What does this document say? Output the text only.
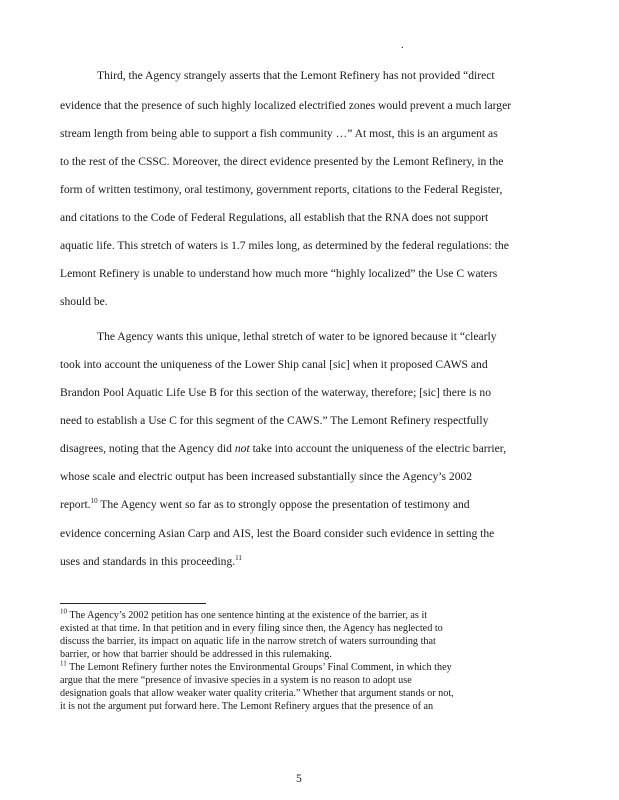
.
Third, the Agency strangely asserts that the Lemont Refinery has not provided “direct
evidence that the presence of such highly localized electrified zones would prevent a much larger
stream length from being able to support a fish community …” At most, this is an argument as
to the rest of the CSSC. Moreover, the direct evidence presented by the Lemont Refinery, in the
form of written testimony, oral testimony, government reports, citations to the Federal Register,
and citations to the Code of Federal Regulations, all establish that the RNA does not support
aquatic life. This stretch of waters is 1.7 miles long, as determined by the federal regulations: the
Lemont Refinery is unable to understand how much more “highly localized” the Use C waters
should be.
The Agency wants this unique, lethal stretch of water to be ignored because it “clearly
took into account the uniqueness of the Lower Ship canal [sic] when it proposed CAWS and
Brandon Pool Aquatic Life Use B for this section of the waterway, therefore; [sic] there is no
need to establish a Use C for this segment of the CAWS.” The Lemont Refinery respectfully
disagrees, noting that the Agency did not take into account the uniqueness of the electric barrier,
whose scale and electric output has been increased substantially since the Agency’s 2002
report.$^{10}$ The Agency went so far as to strongly oppose the presentation of testimony and
evidence concerning Asian Carp and AIS, lest the Board consider such evidence in setting the
uses and standards in this proceeding.$^{11}$
$^{10}$ The Agency’s 2002 petition has one sentence hinting at the existence of the barrier, as it
existed at that time. In that petition and in every filing since then, the Agency has neglected to
discuss the barrier, its impact on aquatic life in the narrow stretch of waters surrounding that
barrier, or how that barrier should be addressed in this rulemaking.
$^{11}$ The Lemont Refinery further notes the Environmental Groups’ Final Comment, in which they
argue that the mere “presence of invasive species in a system is no reason to adopt use
designation goals that allow weaker water quality criteria.” Whether that argument stands or not,
it is not the argument put forward here. The Lemont Refinery argues that the presence of an
5
